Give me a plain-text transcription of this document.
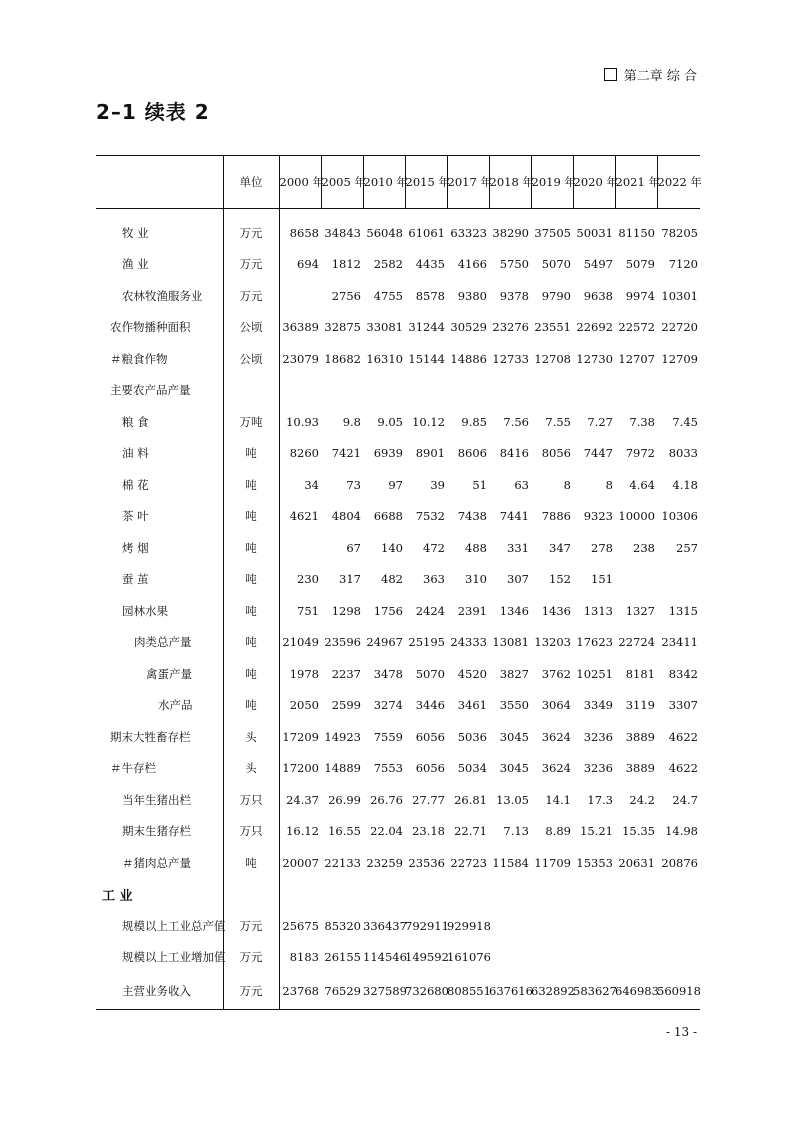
第二章 综 合
2–1 续表 2
	单位	2000 年	2005 年	2010 年	2015 年	2017 年	2018 年	2019 年	2020 年	2021 年	2022 年
牧 业	万元	8658	34843	56048	61061	63323	38290	37505	50031	81150	78205
渔 业	万元	694	1812	2582	4435	4166	5750	5070	5497	5079	7120
农林牧渔服务业	万元		2756	4755	8578	9380	9378	9790	9638	9974	10301
农作物播种面积	公顷	36389	32875	33081	31244	30529	23276	23551	22692	22572	22720
＃粮食作物	公顷	23079	18682	16310	15144	14886	12733	12708	12730	12707	12709
主要农产品产量											
粮 食	万吨	10.93	9.8	9.05	10.12	9.85	7.56	7.55	7.27	7.38	7.45
油 料	吨	8260	7421	6939	8901	8606	8416	8056	7447	7972	8033
棉 花	吨	34	73	97	39	51	63	8	8	4.64	4.18
茶 叶	吨	4621	4804	6688	7532	7438	7441	7886	9323	10000	10306
烤 烟	吨		67	140	472	488	331	347	278	238	257
蚕 茧	吨	230	317	482	363	310	307	152	151		
园林水果	吨	751	1298	1756	2424	2391	1346	1436	1313	1327	1315
肉类总产量	吨	21049	23596	24967	25195	24333	13081	13203	17623	22724	23411
禽蛋产量	吨	1978	2237	3478	5070	4520	3827	3762	10251	8181	8342
水产品	吨	2050	2599	3274	3446	3461	3550	3064	3349	3119	3307
期末大牲畜存栏	头	17209	14923	7559	6056	5036	3045	3624	3236	3889	4622
＃牛存栏	头	17200	14889	7553	6056	5034	3045	3624	3236	3889	4622
当年生猪出栏	万只	24.37	26.99	26.76	27.77	26.81	13.05	14.1	17.3	24.2	24.7
期末生猪存栏	万只	16.12	16.55	22.04	23.18	22.71	7.13	8.89	15.21	15.35	14.98
＃猪肉总产量	吨	20007	22133	23259	23536	22723	11584	11709	15353	20631	20876
工 业											
规模以上工业总产值	万元	25675	85320	336437	792911	929918					
规模以上工业增加值	万元	8183	26155	114546	149592	161076					
主营业务收入	万元	23768	76529	327589	732680	808551	637616	632892	583627	646983	560918
- 13 -
